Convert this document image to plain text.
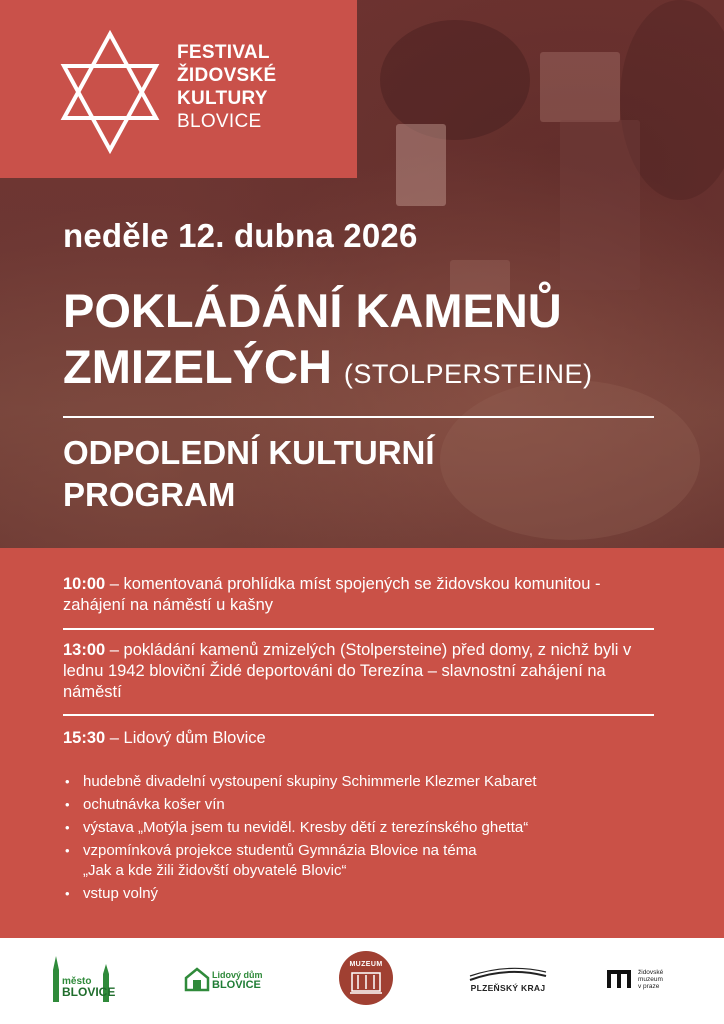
FESTIVAL
ŽIDOVSKÉ
KULTURY
BLOVICE
neděle 12. dubna 2026
POKLÁDÁNÍ KAMENŮ
ZMIZELÝCH (STOLPERSTEINE)
ODPOLEDNÍ KULTURNÍ
PROGRAM
10:00 – komentovaná prohlídka míst spojených se židovskou komunitou - zahájení na náměstí u kašny
13:00 – pokládání kamenů zmizelých (Stolpersteine) před domy, z nichž byli v lednu 1942 bloviční Židé deportováni do Terezína – slavnostní zahájení na náměstí
15:30 – Lidový dům Blovice
• hudebně divadelní vystoupení skupiny Schimmerle Klezmer Kabaret
• ochutnávka košer vín
• výstava „Motýla jsem tu neviděl. Kresby dětí z terezínského ghetta“
• vzpomínková projekce studentů Gymnázia Blovice na téma
„Jak a kde žili židovští obyvatelé Blovic“
• vstup volný
město
BLOVICE
Lidový dům
BLOVICE
MUZEUM
PLZEŇSKÝ KRAJ
židovské
muzeum
v praze
